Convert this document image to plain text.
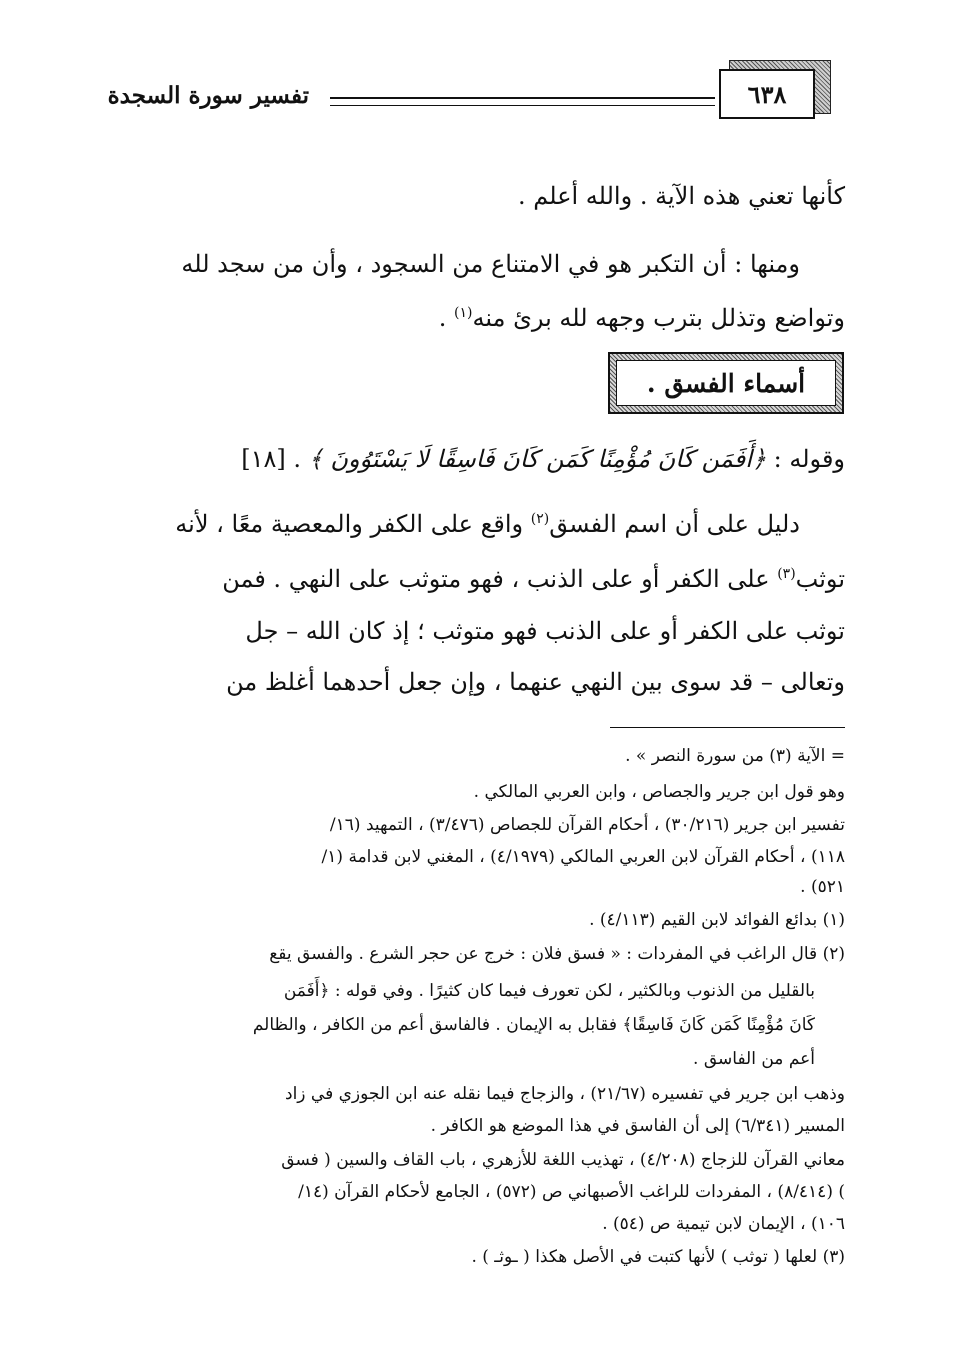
٦٣٨
تفسير سورة السجدة
كأنها تعني هذه الآية . والله أعلم .
ومنها : أن التكبر هو في الامتناع من السجود ، وأن من سجد لله
وتواضع وتذلل بترب وجهه لله برئ منه$^{(١)}$ .
أسماء الفسق .
وقوله : ﴿أَفَمَن كَانَ مُؤْمِنًا كَمَن كَانَ فَاسِقًا لَا يَسْتَوُونَ ﴾ . [١٨]
دليل على أن اسم الفسق$^{(٢)}$ واقع على الكفر والمعصية معًا ، لأنه
توثب$^{(٣)}$ على الكفر أو على الذنب ، فهو متوثب على النهي . فمن
توثب على الكفر أو على الذنب فهو متوثب ؛ إذ كان الله – جل
وتعالى – قد سوى بين النهي عنهما ، وإن جعل أحدهما أغلظ من
= الآية (٣) من سورة النصر » .
وهو قول ابن جرير والجصاص ، وابن العربي المالكي .
تفسير ابن جرير (٣٠/٢١٦) ، أحكام القرآن للجصاص (٣/٤٧٦) ، التمهيد (١٦/
١١٨) ، أحكام القرآن لابن العربي المالكي (٤/١٩٧٩) ، المغني لابن قدامة (١/
٥٢١) .
(١) بدائع الفوائد لابن القيم (٤/١١٣) .
(٢) قال الراغب في المفردات : « فسق فلان : خرج عن حجر الشرع . والفسق يقع
بالقليل من الذنوب وبالكثير ، لكن تعورف فيما كان كثيرًا . وفي قوله : ﴿أَفَمَن
كَانَ مُؤْمِنًا كَمَن كَانَ فَاسِقًا﴾ فقابل به الإيمان . فالفاسق أعم من الكافر ، والظالم
أعم من الفاسق .
وذهب ابن جرير في تفسيره (٢١/٦٧) ، والزجاج فيما نقله عنه ابن الجوزي في زاد
المسير (٦/٣٤١) إلى أن الفاسق في هذا الموضع هو الكافر .
معاني القرآن للزجاج (٤/٢٠٨) ، تهذيب اللغة للأزهري ، باب القاف والسين ( فسق
) (٨/٤١٤) ، المفردات للراغب الأصبهاني ص (٥٧٢) ، الجامع لأحكام القرآن (١٤/
١٠٦) ، الإيمان لابن تيمية ص (٥٤) .
(٣) لعلها ( توثب ) لأنها كتبت في الأصل هكذا ( ـوثـ ) .
